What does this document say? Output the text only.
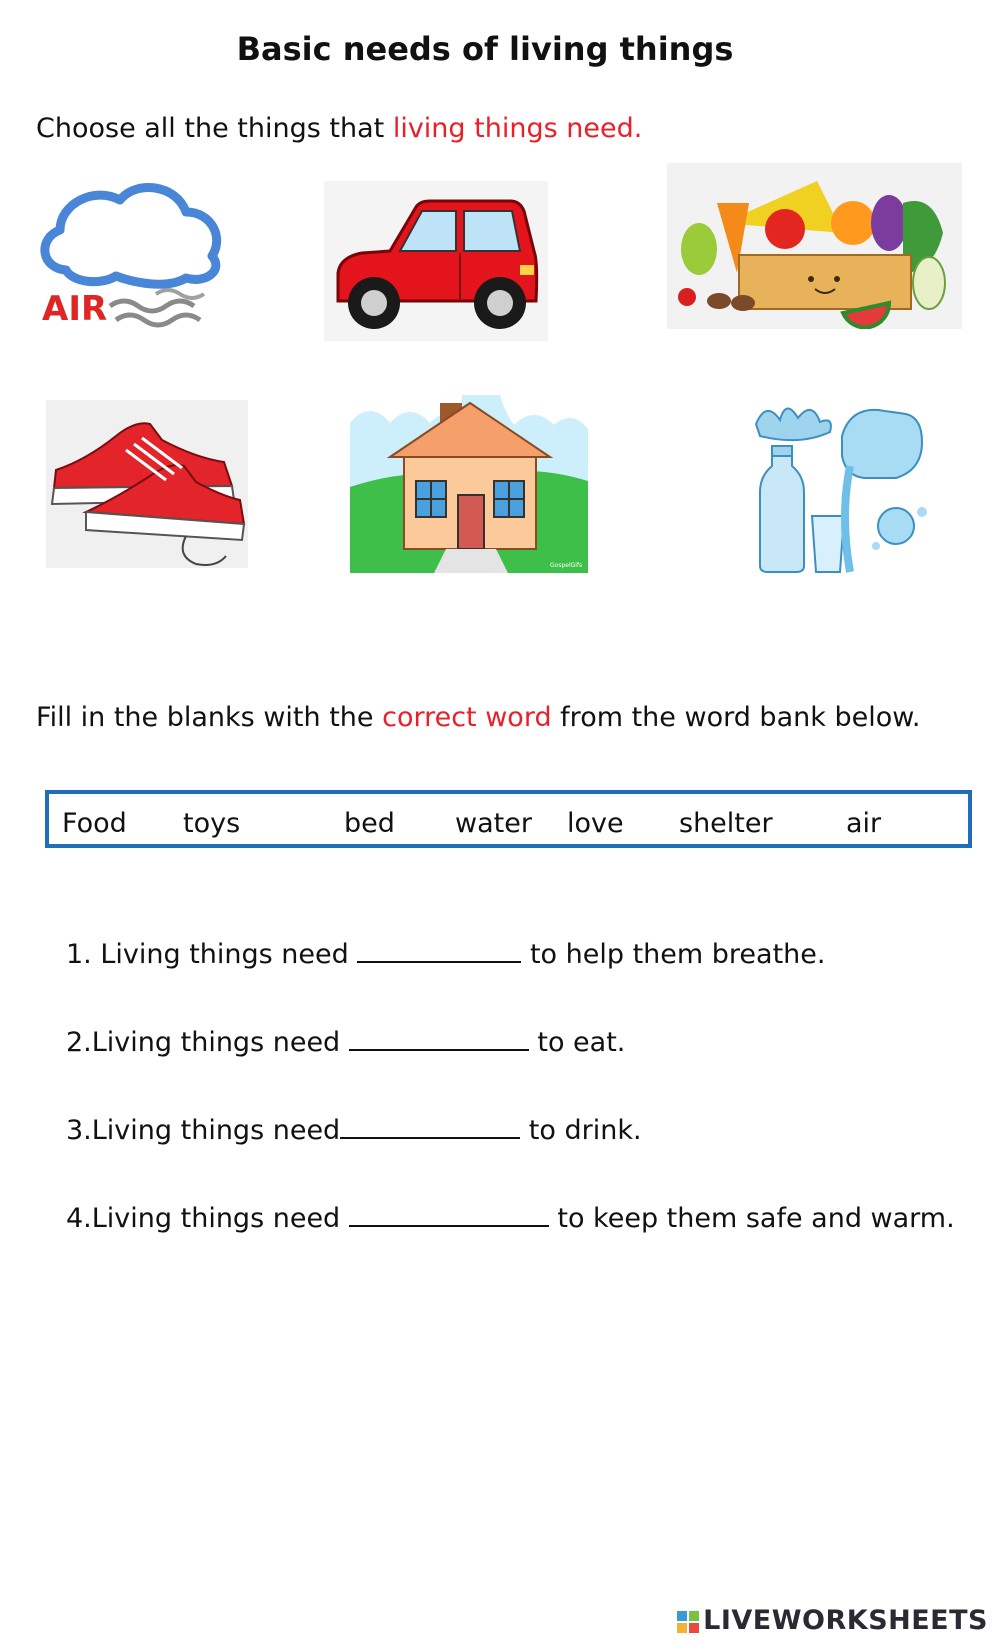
Basic needs of living things
Choose all the things that living things need.
AIR
GospelGifs
Fill in the blanks with the correct word from the word bank below.
Food toys	bed water love shelter	air
1. Living things need	to help them breathe.
2.Living things need	to eat.
3.Living things need	to drink.
4.Living things need	to keep them safe and warm.
LIVEWORKSHEETS
